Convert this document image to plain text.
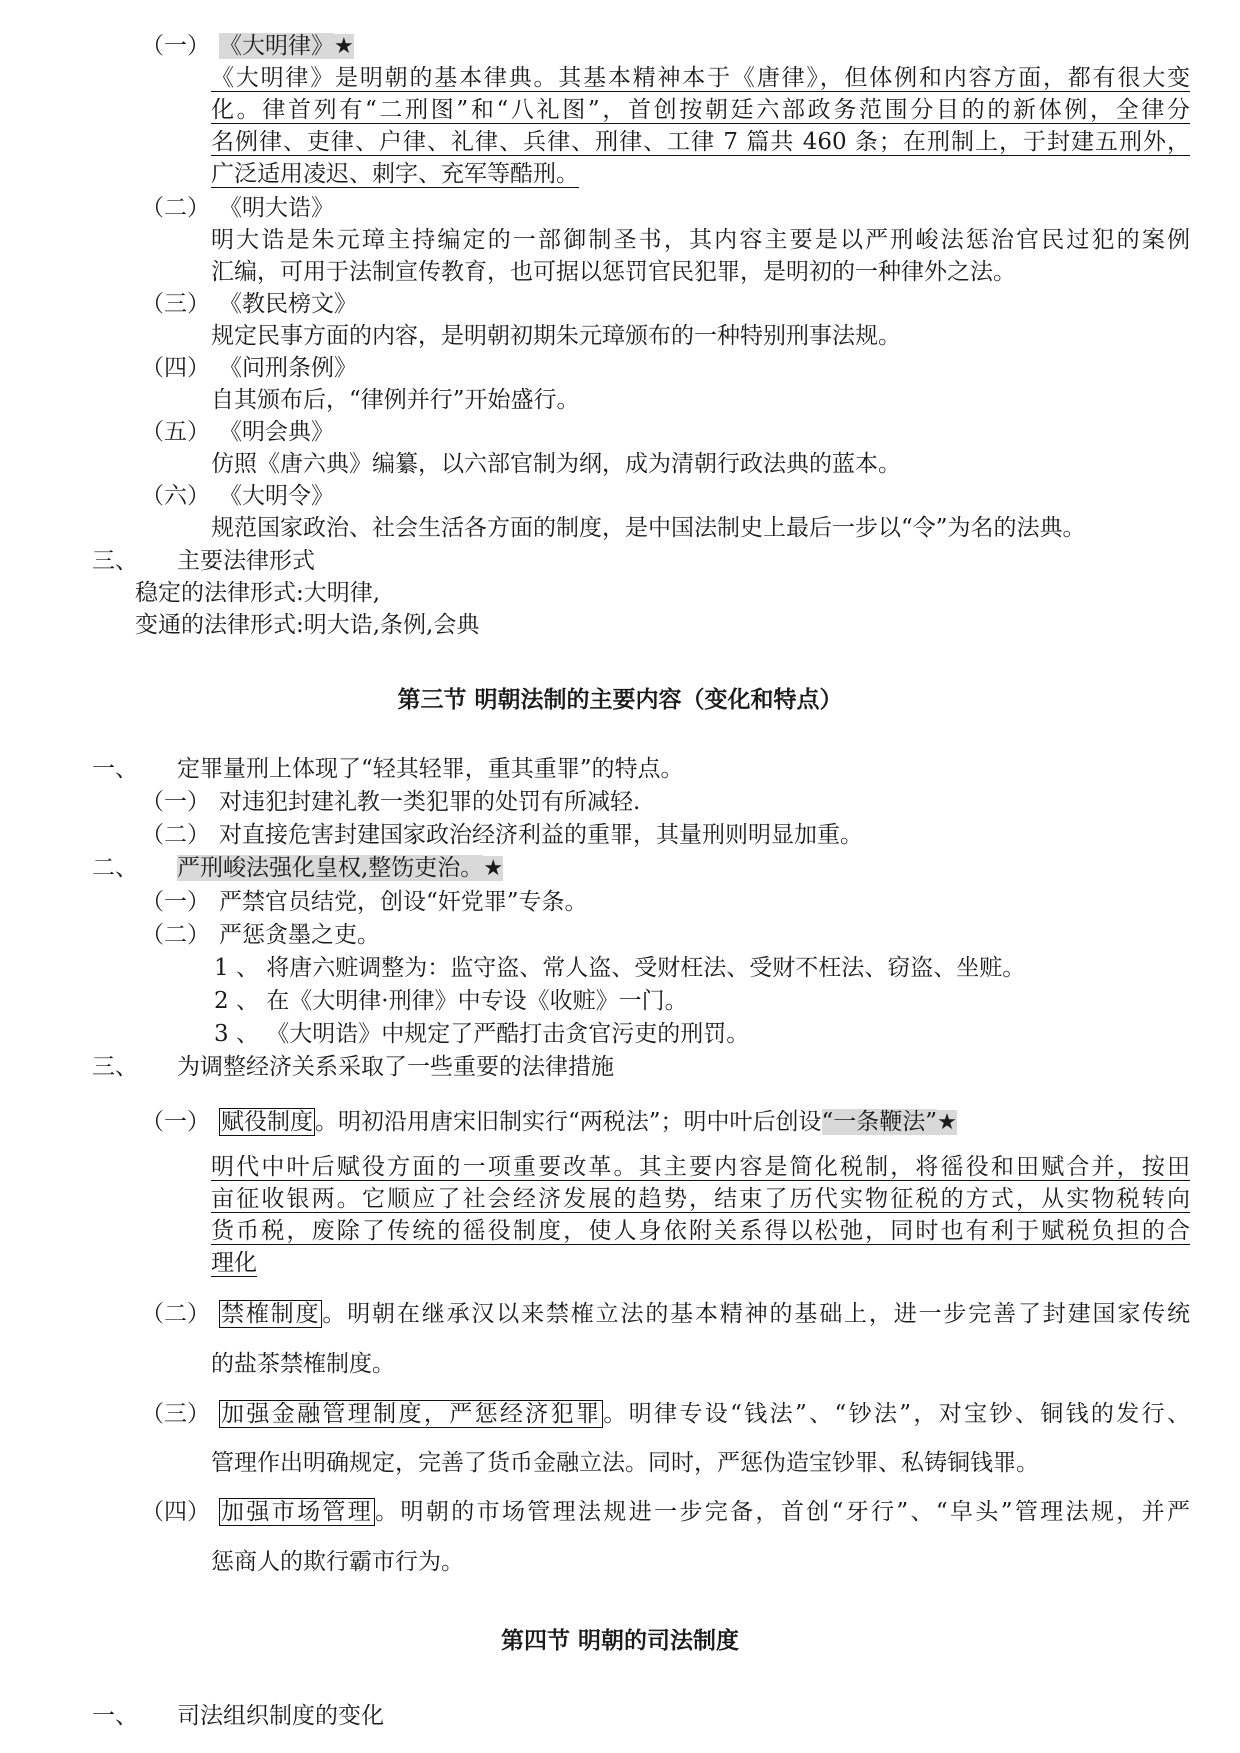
（一） 《大明律》★
《大明律》是明朝的基本律典。其基本精神本于《唐律》，但体例和内容方面，都有很大变
化。律首列有“二刑图”和“八礼图”，首创按朝廷六部政务范围分目的的新体例，全律分
名例律、吏律、户律、礼律、兵律、刑律、工律 7 篇共 460 条；在刑制上，于封建五刑外，
广泛适用凌迟、刺字、充军等酷刑。
（二） 《明大诰》
明大诰是朱元璋主持编定的一部御制圣书，其内容主要是以严刑峻法惩治官民过犯的案例
汇编，可用于法制宣传教育，也可据以惩罚官民犯罪，是明初的一种律外之法。
（三） 《教民榜文》
规定民事方面的内容，是明朝初期朱元璋颁布的一种特别刑事法规。
（四） 《问刑条例》
自其颁布后，“律例并行”开始盛行。
（五） 《明会典》
仿照《唐六典》编纂，以六部官制为纲，成为清朝行政法典的蓝本。
（六） 《大明令》
规范国家政治、社会生活各方面的制度，是中国法制史上最后一步以“令”为名的法典。
三、 主要法律形式
稳定的法律形式:大明律,
变通的法律形式:明大诰,条例,会典
第三节 明朝法制的主要内容（变化和特点）
一、 定罪量刑上体现了“轻其轻罪，重其重罪”的特点。
（一） 对违犯封建礼教一类犯罪的处罚有所减轻.
（二） 对直接危害封建国家政治经济利益的重罪，其量刑则明显加重。
二、 严刑峻法强化皇权,整饬吏治。★
（一） 严禁官员结党，创设“奸党罪”专条。
（二） 严惩贪墨之吏。
1 、 将唐六赃调整为：监守盗、常人盗、受财枉法、受财不枉法、窃盗、坐赃。
2 、 在《大明律·刑律》中专设《收赃》一门。
3 、 《大明诰》中规定了严酷打击贪官污吏的刑罚。
三、 为调整经济关系采取了一些重要的法律措施
（一） 赋役制度。明初沿用唐宋旧制实行“两税法”；明中叶后创设“一条鞭法”★
明代中叶后赋役方面的一项重要改革。其主要内容是简化税制，将徭役和田赋合并，按田
亩征收银两。它顺应了社会经济发展的趋势，结束了历代实物征税的方式，从实物税转向
货币税，废除了传统的徭役制度，使人身依附关系得以松弛，同时也有利于赋税负担的合
理化
（二） 禁榷制度。明朝在继承汉以来禁榷立法的基本精神的基础上，进一步完善了封建国家传统
的盐茶禁榷制度。
（三） 加强金融管理制度，严惩经济犯罪。明律专设“钱法”、“钞法”，对宝钞、铜钱的发行、
管理作出明确规定，完善了货币金融立法。同时，严惩伪造宝钞罪、私铸铜钱罪。
（四） 加强市场管理。明朝的市场管理法规进一步完备，首创“牙行”、“皁头”管理法规，并严
惩商人的欺行霸市行为。
第四节 明朝的司法制度
一、 司法组织制度的变化
